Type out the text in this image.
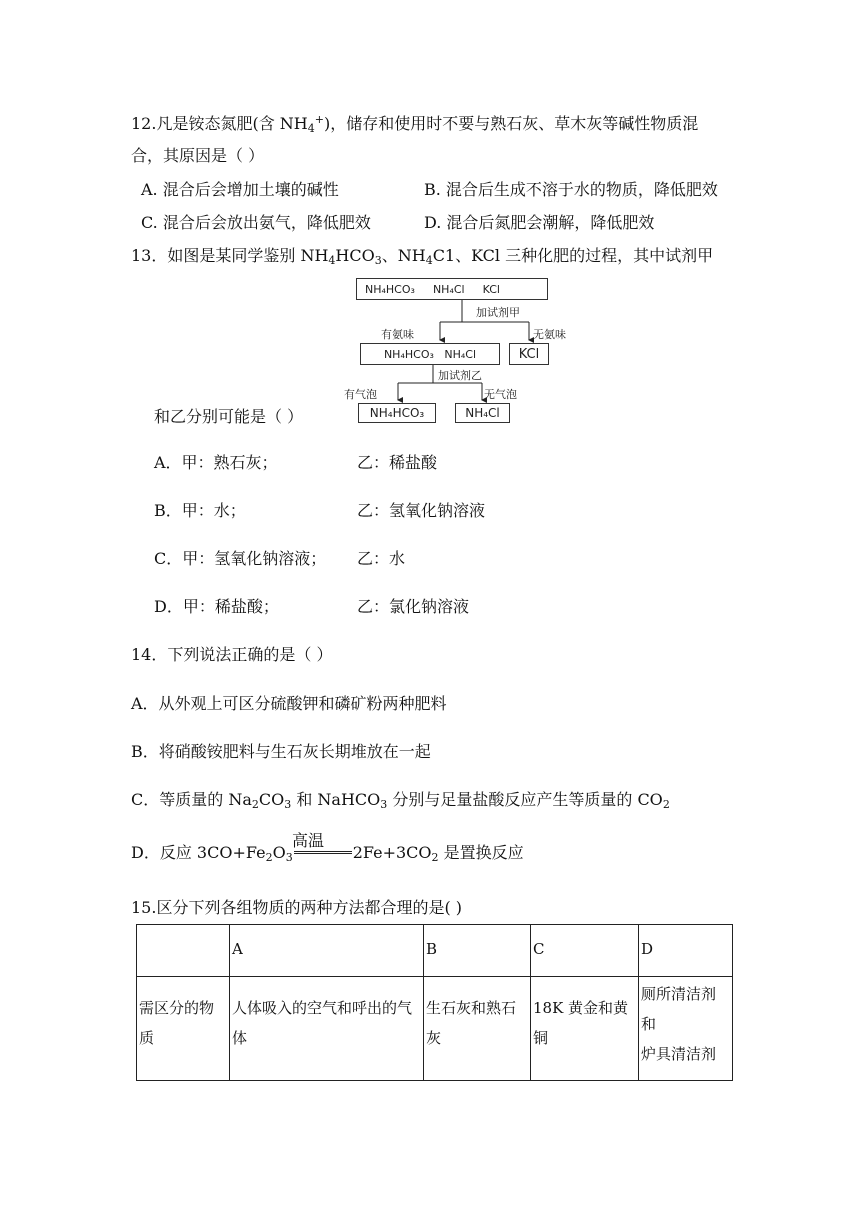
12.凡是铵态氮肥(含 $NH_4^+$)，储存和使用时不要与熟石灰、草木灰等碱性物质混
合，其原因是（ ）
A. 混合后会增加土壤的碱性	B. 混合后生成不溶于水的物质，降低肥效
C. 混合后会放出氨气，降低肥效	D. 混合后氮肥会潮解，降低肥效
13．如图是某同学鉴别 $NH_4HCO_3$、$NH_4C1$、KCl 三种化肥的过程，其中试剂甲
NH₄HCO₃ NH₄Cl KCl
加试剂甲
有氨味	无氨味
NH₄HCO₃   NH₄Cl	KCl
加试剂乙
有气泡	无气泡
NH₄HCO₃	NH₄Cl
和乙分别可能是（ ）
A．甲：熟石灰；	乙：稀盐酸
B．甲：水；	乙：氢氧化钠溶液
C．甲：氢氧化钠溶液； 乙：水
D．甲：稀盐酸；	乙：氯化钠溶液
14．下列说法正确的是（ ）
A．从外观上可区分硫酸钾和磷矿粉两种肥料
B．将硝酸铵肥料与生石灰长期堆放在一起
C．等质量的 $Na_2CO_3$ 和 NaHCO$_3$ 分别与足量盐酸反应产生等质量的 $CO_2$
D．反应 $3CO+Fe_2O_3$	$2Fe+3CO_2$ 是置换反应
高温
15.区分下列各组物质的两种方法都合理的是( )
	A	B	C	D
需区分的物质	人体吸入的空气和呼出的气体	生石灰和熟石灰	18K 黄金和黄铜	厕所清洁剂和
炉具清洁剂
